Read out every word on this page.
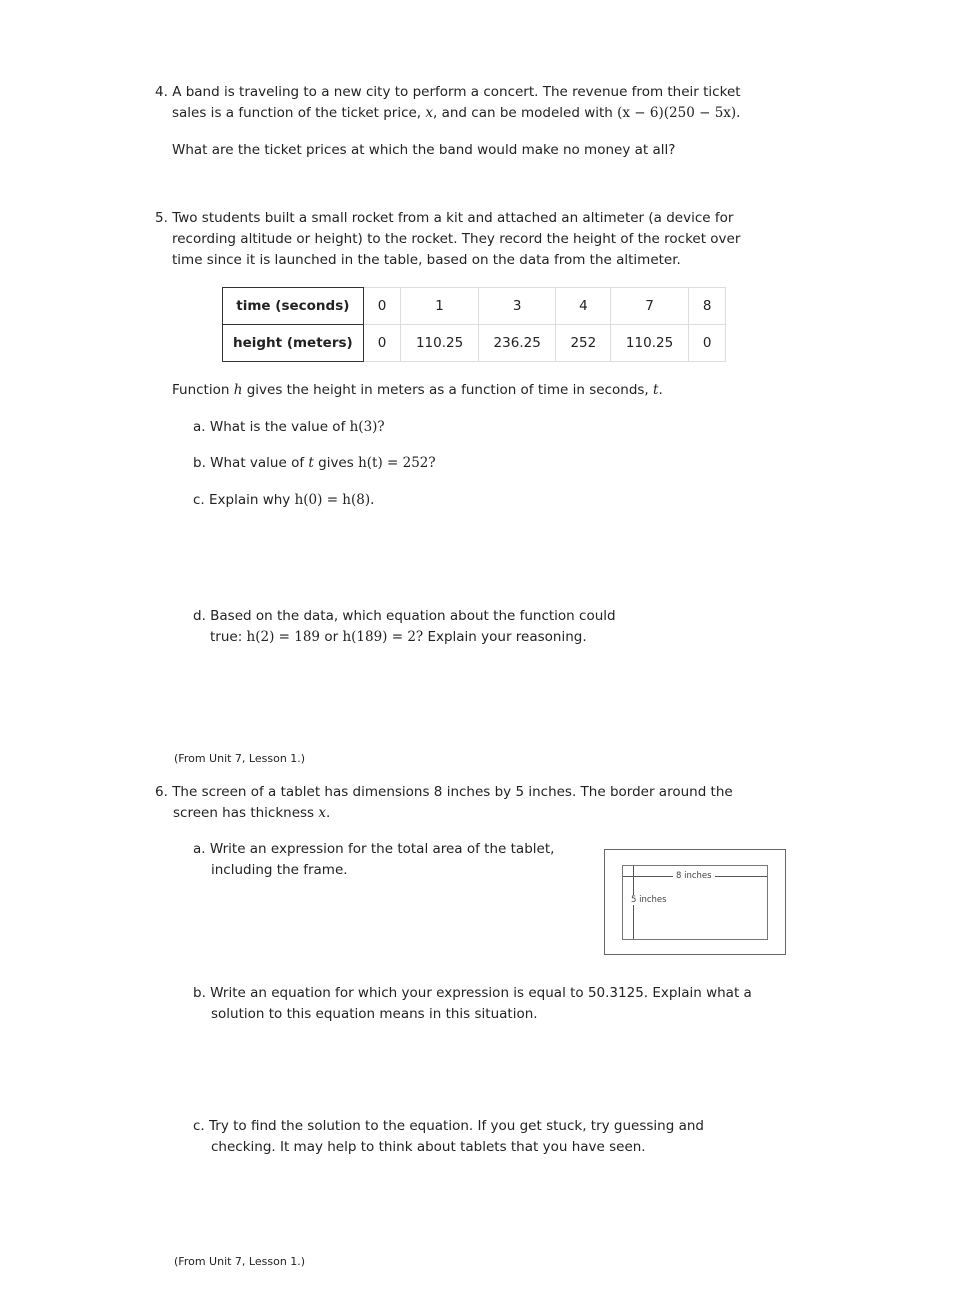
4. A band is traveling to a new city to perform a concert. The revenue from their ticket
sales is a function of the ticket price, x, and can be modeled with (x − 6)(250 − 5x).
What are the ticket prices at which the band would make no money at all?
5. Two students built a small rocket from a kit and attached an altimeter (a device for
recording altitude or height) to the rocket. They record the height of the rocket over
time since it is launched in the table, based on the data from the altimeter.
time (seconds)	0	1	3	4	7	8
height (meters)	0	110.25	236.25	252	110.25	0
Function h gives the height in meters as a function of time in seconds, t.
a. What is the value of h(3)?
b. What value of t gives h(t) = 252?
c. Explain why h(0) = h(8).
d. Based on the data, which equation about the function could
true: h(2) = 189 or h(189) = 2? Explain your reasoning.
(From Unit 7, Lesson 1.)
6. The screen of a tablet has dimensions 8 inches by 5 inches. The border around the
screen has thickness x.
a. Write an expression for the total area of the tablet,
including the frame.	8 inches
5 inches
b. Write an equation for which your expression is equal to 50.3125. Explain what a
solution to this equation means in this situation.
c. Try to find the solution to the equation. If you get stuck, try guessing and
checking. It may help to think about tablets that you have seen.
(From Unit 7, Lesson 1.)
